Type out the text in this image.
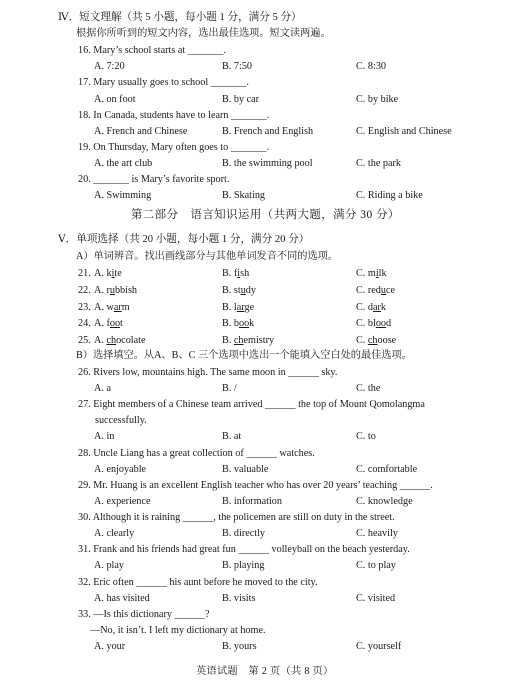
Ⅳ．短文理解（共 5 小题，每小题 1 分，满分 5 分）
根据你所听到的短文内容，选出最佳选项。短文读两遍。
16. Mary’s school starts at _______.
A. 7:20	B. 7:50	C. 8:30
17. Mary usually goes to school _______.
A. on foot	B. by car	C. by bike
18. In Canada, students have to learn _______.
A. French and Chinese	B. French and English	C. English and Chinese
19. On Thursday, Mary often goes to _______.
A. the art club	B. the swimming pool	C. the park
20. _______ is Mary’s favorite sport.
A. Swimming	B. Skating	C. Riding a bike
第二部分　语言知识运用（共两大题，满分 30 分）
Ⅴ．单项选择（共 20 小题，每小题 1 分，满分 20 分）
A）单词辨音。找出画线部分与其他单词发音不同的选项。
21. A. kite	B. fish	C. milk
22. A. rubbish	B. study	C. reduce
23. A. warm	B. large	C. dark
24. A. foot	B. book	C. blood
25. A. chocolate	B. chemistry	C. choose
B）选择填空。从A、B、C 三个选项中选出一个能填入空白处的最佳选项。
26. Rivers low, mountains high. The same moon in ______ sky.
A. a	B. /	C. the
27. Eight members of a Chinese team arrived ______ the top of Mount Qomolangma
successfully.
A. in	B. at	C. to
28. Uncle Liang has a great collection of ______ watches.
A. enjoyable	B. valuable	C. comfortable
29. Mr. Huang is an excellent English teacher who has over 20 years’ teaching ______.
A. experience	B. information	C. knowledge
30. Although it is raining ______, the policemen are still on duty in the street.
A. clearly	B. directly	C. heavily
31. Frank and his friends had great fun ______ volleyball on the beach yesterday.
A. play	B. playing	C. to play
32. Eric often ______ his aunt before he moved to the city.
A. has visited	B. visits	C. visited
33. —Is this dictionary ______?
—No, it isn’t. I left my dictionary at home.
A. your	B. yours	C. yourself
英语试题　第 2 页（共 8 页）
